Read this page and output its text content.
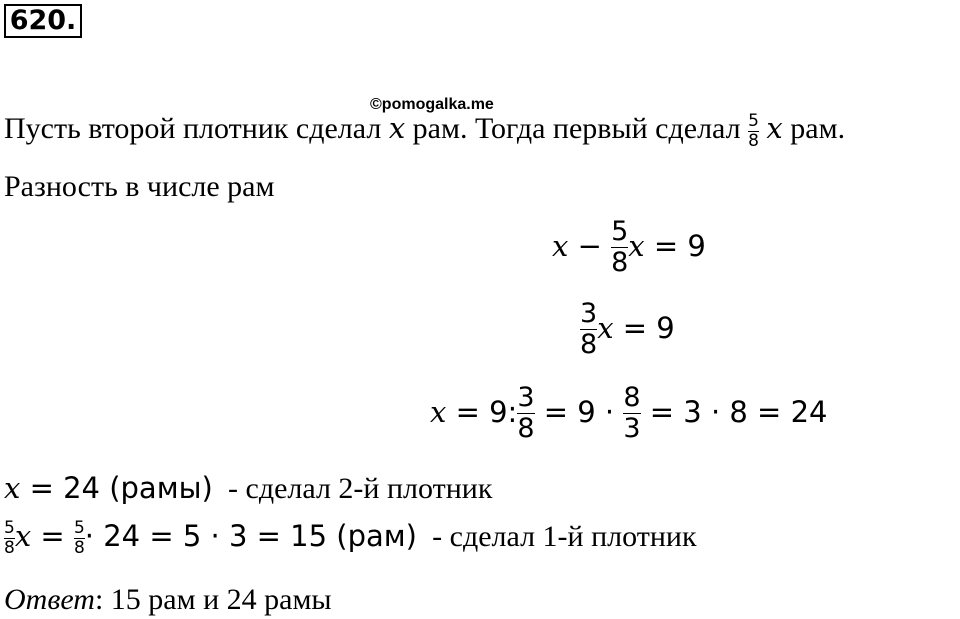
620.
©pomogalka.me
Пусть второй плотник сделал x рам. Тогда первый сделал $\frac{5}{8}$ x рам.
Разность в числе рам
$x - \frac{5}{8}$ x = 9
$\frac{3}{8}$ x = 9
x = 9: $\frac{3}{8} = 9 \cdot \frac{8}{3} = 3 \cdot 8 = 24$
x = 24 (рамы) - сделал 2-й плотник
$\frac{5}{8}$ $x = \frac{5}{8} \cdot 24 = 5 \cdot 3 = 15$ (рам) - сделал 1-й плотник
Ответ: 15 рам и 24 рамы
